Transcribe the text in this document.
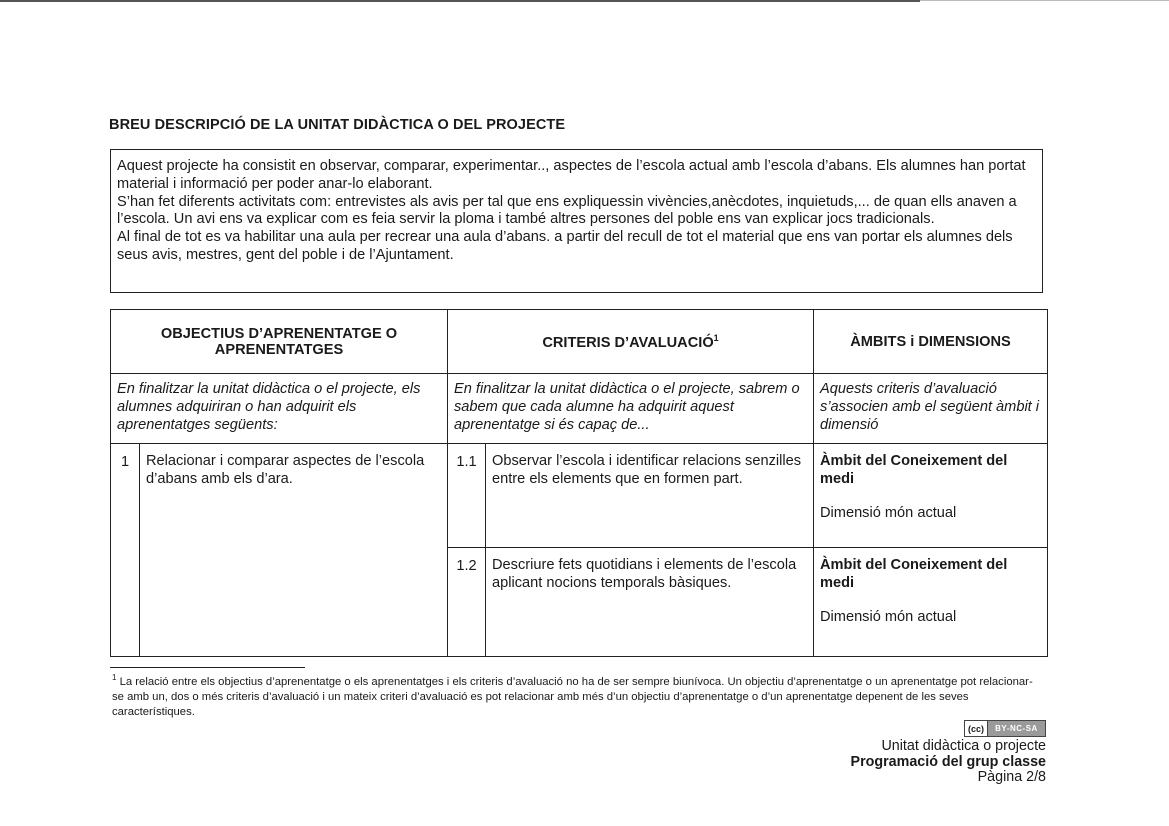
BREU DESCRIPCIÓ DE LA UNITAT DIDÀCTICA O DEL PROJECTE

Aquest projecte ha consistit en observar, comparar, experimentar.., aspectes de l’escola actual amb l’escola d’abans. Els alumnes han portat material i informació per poder anar-lo elaborant.

S’han fet diferents activitats com: entrevistes als avis per tal que ens expliquessin vivències,anècdotes, inquietuds,... de quan ells anaven a l’escola. Un avi ens va explicar com es feia servir la ploma i també altres persones del poble ens van explicar jocs tradicionals.

Al final de tot es va habilitar una aula per recrear una aula d’abans. a partir del recull de tot el material que ens van portar els alumnes dels seus avis, mestres, gent del poble i de l’Ajuntament.

OBJECTIUS D’APRENENTATGE O APRENENTATGES		CRITERIS D’AVALUACIÓ$^1$		ÀMBITS i DIMENSIONS
En finalitzar la unitat didàctica o el projecte, els alumnes adquiriran o han adquirit els aprenentatges següents:		En finalitzar la unitat didàctica o el projecte, sabrem o sabem que cada alumne ha adquirit aquest aprenentatge si és capaç de...		Aquests criteris d’avaluació s’associen amb el següent àmbit i dimensió
1	Relacionar i comparar aspectes de l’escola d’abans amb els d’ara.	1.1	Observar l’escola i identificar relacions senzilles entre els elements que en formen part.	Àmbit del Coneixement del medi
Dimensió món actual

		1.2	Descriure fets quotidians i elements de l’escola aplicant nocions temporals bàsiques.	Àmbit del Coneixement del medi
Dimensió món actual
$^1$ La relació entre els objectius d’aprenentatge o els aprenentatges i els criteris d’avaluació no ha de ser sempre biunívoca. Un objectiu d’aprenentatge o un aprenentatge pot relacionar-se amb un, dos o més criteris d’avaluació i un mateix criteri d’avaluació es pot relacionar amb més d’un objectiu d’aprenentatge o d’un aprenentatge depenent de les seves característiques.
(cc)	BY-NC-SA
Unitat didàctica o projecte
Programació del grup classe
Pàgina 2/8
